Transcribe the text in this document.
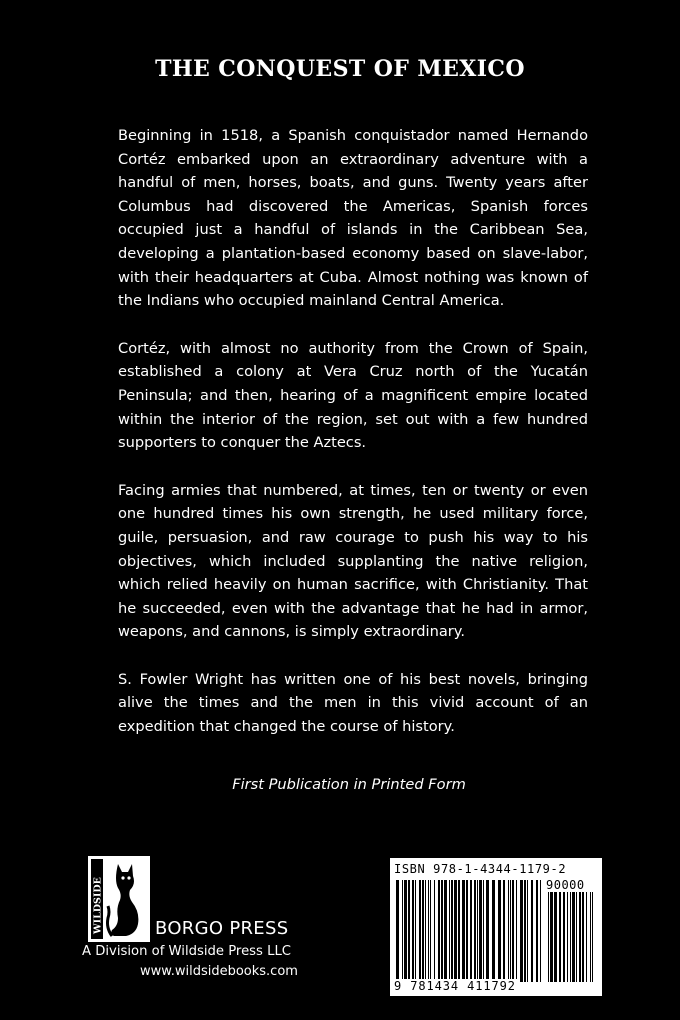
THE CONQUEST OF MEXICO

Beginning in 1518, a Spanish conquistador named Hernando Cortéz embarked upon an extraordinary adventure with a handful of men, horses, boats, and guns. Twenty years after Columbus had discovered the Americas, Spanish forces occupied just a handful of islands in the Caribbean Sea, developing a plantation-based economy based on slave-labor, with their headquarters at Cuba. Almost nothing was known of the Indians who occupied mainland Central America.

Cortéz, with almost no authority from the Crown of Spain, established a colony at Vera Cruz north of the Yucatán Peninsula; and then, hearing of a magnificent empire located within the interior of the region, set out with a few hundred supporters to conquer the Aztecs.

Facing armies that numbered, at times, ten or twenty or even one hundred times his own strength, he used military force, guile, persuasion, and raw courage to push his way to his objectives, which included supplanting the native religion, which relied heavily on human sacrifice, with Christianity. That he succeeded, even with the advantage that he had in armor, weapons, and cannons, is simply extraordinary.

S. Fowler Wright has written one of his best novels, bringing alive the times and the men in this vivid account of an expedition that changed the course of history.

First Publication in Printed Form
WILDSIDE	BORGO PRESS
A Division of Wildside Press LLC
www.wildsidebooks.com
ISBN 978-1-4344-1179-2
90000
9 781434 411792
